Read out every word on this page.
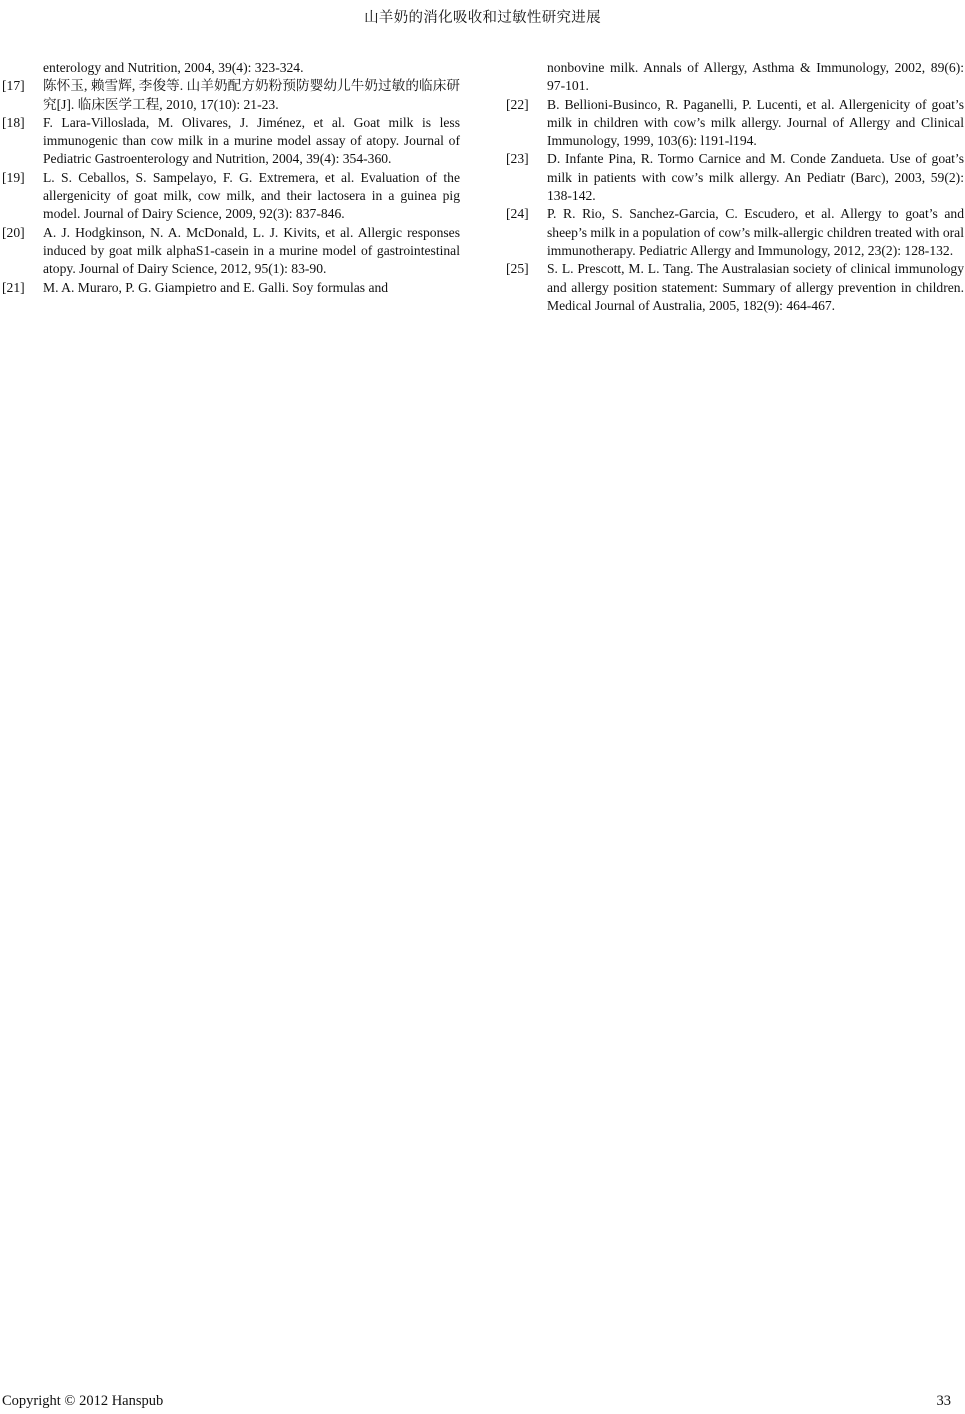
山羊奶的消化吸收和过敏性研究进展
enterology and Nutrition, 2004, 39(4): 323-324.
[17] 陈怀玉, 赖雪辉, 李俊等. 山羊奶配方奶粉预防婴幼儿牛奶过敏的临床研究[J]. 临床医学工程, 2010, 17(10): 21-23.
[18] F. Lara-Villoslada, M. Olivares, J. Jiménez, et al. Goat milk is less immunogenic than cow milk in a murine model assay of atopy. Journal of Pediatric Gastroenterology and Nutrition, 2004, 39(4): 354-360.
[19] L. S. Ceballos, S. Sampelayo, F. G. Extremera, et al. Evaluation of the allergenicity of goat milk, cow milk, and their lactosera in a guinea pig model. Journal of Dairy Science, 2009, 92(3): 837-846.
[20] A. J. Hodgkinson, N. A. McDonald, L. J. Kivits, et al. Allergic responses induced by goat milk alphaS1-casein in a murine model of gastrointestinal atopy. Journal of Dairy Science, 2012, 95(1): 83-90.
[21] M. A. Muraro, P. G. Giampietro and E. Galli. Soy formulas and
nonbovine milk. Annals of Allergy, Asthma & Immunology, 2002, 89(6): 97-101.
[22] B. Bellioni-Businco, R. Paganelli, P. Lucenti, et al. Allergenicity of goat’s milk in children with cow’s milk allergy. Journal of Allergy and Clinical Immunology, 1999, 103(6): l191-l194.
[23] D. Infante Pina, R. Tormo Carnice and M. Conde Zandueta. Use of goat’s milk in patients with cow’s milk allergy. An Pediatr (Barc), 2003, 59(2): 138-142.
[24] P. R. Rio, S. Sanchez-Garcia, C. Escudero, et al. Allergy to goat’s and sheep’s milk in a population of cow’s milk-allergic children treated with oral immunotherapy. Pediatric Allergy and Immunology, 2012, 23(2): 128-132.
[25] S. L. Prescott, M. L. Tang. The Australasian society of clinical immunology and allergy position statement: Summary of allergy prevention in children. Medical Journal of Australia, 2005, 182(9): 464-467.
Copyright © 2012 Hanspub	33
